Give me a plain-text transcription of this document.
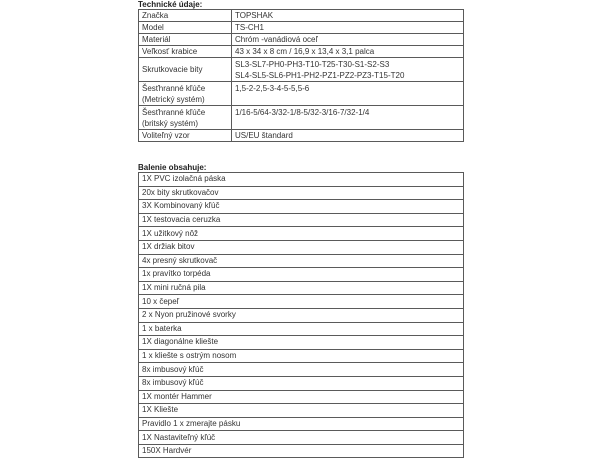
Technické údaje:
Značka	TOPSHAK

Model	TS-CH1

Materiál	Chróm -vanádiová oceľ

Veľkosť krabice	43 x 34 x 8 cm / 16,9 x 13,4 x 3,1 palca

Skrutkovacie bity	SL3-SL7-PH0-PH3-T10-T25-T30-S1-S2-S3
SL4-SL5-SL6-PH1-PH2-PZ1-PZ2-PZ3-T15-T20

Šesťhranné kľúče
(Metrický systém)	1,5-2-2,5-3-4-5-5,5-6

Šesťhranné kľúče
(britský systém)	1/16-5/64-3/32-1/8-5/32-3/16-7/32-1/4

Voliteľný vzor	US/EU štandard
Balenie obsahuje:
1X PVC izolačná páska
20x bity skrutkovačov
3X Kombinovaný kľúč
1X testovacia ceruzka
1X užitkový nôž
1X držiak bitov
4x presný skrutkovač
1x pravítko torpéda
1X mini ručná pila
10 x čepeľ
2 x Nyon pružinové svorky
1 x baterka
1X diagonálne kliešte
1 x kliešte s ostrým nosom
8x imbusový kľúč
8x imbusový kľúč
1X montér Hammer
1X Kliešte
Pravidlo 1 x zmerajte pásku
1X Nastaviteľný kľúč
150X Hardvér
